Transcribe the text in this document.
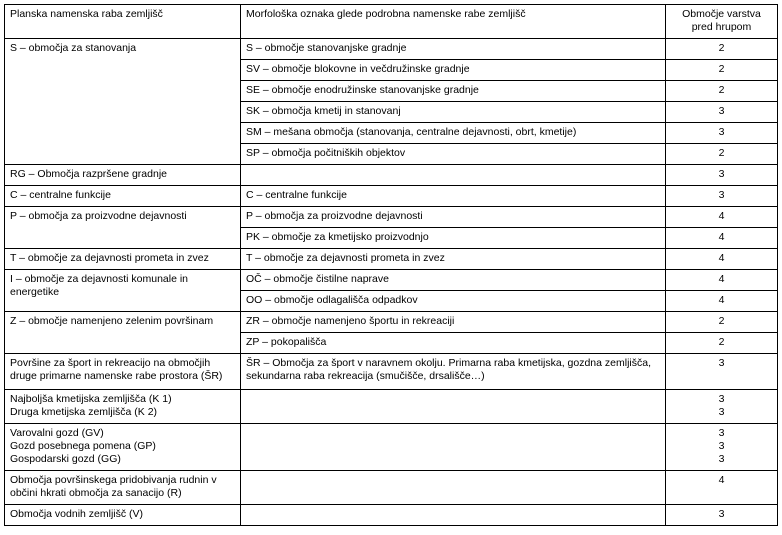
Planska namenska raba zemljišč	Morfološka oznaka glede podrobna namenske rabe zemljišč	Območje varstva
pred hrupom

S – območja za stanovanja	S – območje stanovanjske gradnje	2
	SV – območje blokovne in večdružinske gradnje	2
	SE – območje enodružinske stanovanjske gradnje	2
	SK – območja kmetij in stanovanj	3
	SM – mešana območja (stanovanja, centralne dejavnosti, obrt, kmetije)	3
	SP – območja počitniških objektov	2
RG – Območja razpršene gradnje		3
C – centralne funkcije	C – centralne funkcije	3
P – območja za proizvodne dejavnosti	P – območja za proizvodne dejavnosti	4
	PK – območje za kmetijsko proizvodnjo	4
T – območje za dejavnosti prometa in zvez	T – območje za dejavnosti prometa in zvez	4

I – območje za dejavnosti komunale in
energetike	OČ – območje čistilne naprave	4
	OO – območje odlagališča odpadkov	4
Z – območje namenjeno zelenim površinam	ZR – območje namenjeno športu in rekreaciji	2
	ZP – pokopališča	2

Površine za šport in rekreacijo na območjih
druge primarne namenske rabe prostora (ŠR)	ŠR – Območja za šport v naravnem okolju. Primarna raba kmetijska, gozdna zemljišča,
sekundarna raba rekreacija (smučišče, drsališče…)	3

Najboljša kmetijska zemljišča (K 1)
Druga kmetijska zemljišča (K 2)		3
3

Varovalni gozd (GV)
Gozd posebnega pomena (GP)
Gospodarski gozd (GG)		3
3
3

Območja površinskega pridobivanja rudnin v
občini hkrati območja za sanacijo (R)		4
Območja vodnih zemljišč (V)		3
